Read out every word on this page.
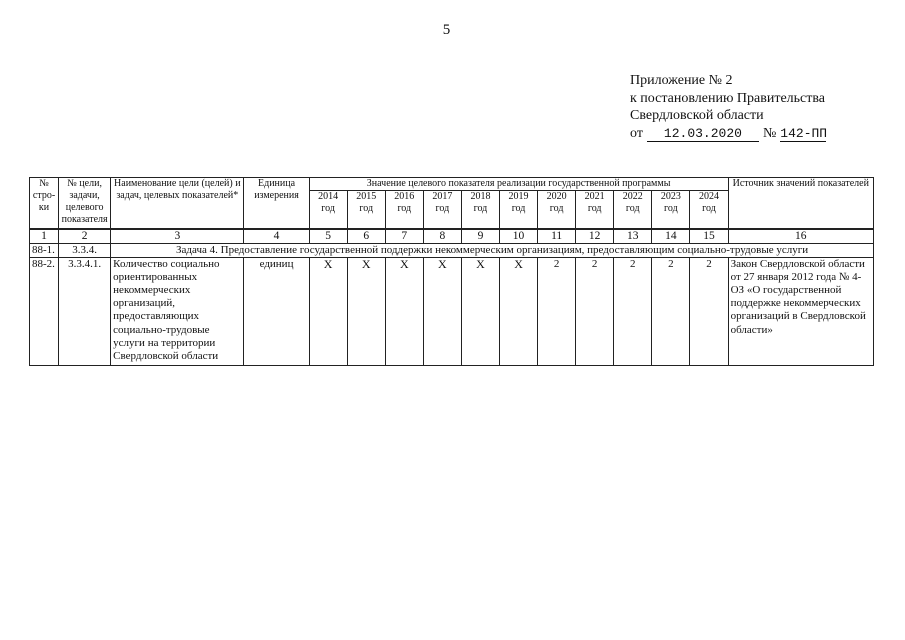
5
Приложение № 2
к постановлению Правительства
Свердловской области
от	12.03.2020	№ 142-ПП
№ стро-ки	№ цели, задачи, целевого показателя	Наименование цели (целей) и задач, целевых показателей*	Единица измерения	Значение целевого показателя реализации государственной программы											Источник значений показателей
				2014 год	2015 год	2016 год	2017 год	2018 год	2019 год	2020 год	2021 год	2022 год	2023 год	2024 год	
1	2	3	4	5	6	7	8	9	10	11	12	13	14	15	16
88-1.	3.3.4.	Задача 4. Предоставление государственной поддержки некоммерческим организациям, предоставляющим социально-трудовые услуги													
88-2.	3.3.4.1.	Количество социально ориентированных некоммерческих организаций, предоставляющих социально-трудовые услуги на территории Свердловской области	единиц	X	X	X	X	X	X	2	2	2	2	2	Закон Свердловской области от 27 января 2012 года № 4-ОЗ «О государственной поддержке некоммерческих организаций в Свердловской области»
